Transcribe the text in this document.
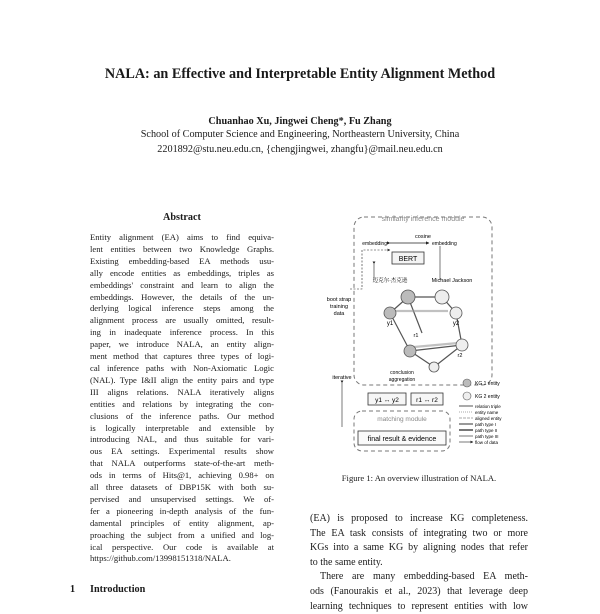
NALA: an Effective and Interpretable Entity Alignment Method
Chuanhao Xu, Jingwei Cheng*, Fu Zhang
School of Computer Science and Engineering, Northeastern University, China
2201892@stu.neu.edu.cn, {chengjingwei, zhangfu}@mail.neu.edu.cn
Abstract
Entity alignment (EA) aims to find equiva-
lent entities between two Knowledge Graphs.
Existing embedding-based EA methods usu-
ally encode entities as embeddings, triples as
embeddings' constraint and learn to align the
embeddings. However, the details of the un-
derlying logical inference steps among the
alignment process are usually omitted, result-
ing in inadequate inference process. In this
paper, we introduce NALA, an entity align-
ment method that captures three types of logi-
cal inference paths with Non-Axiomatic Logic
(NAL). Type I&II align the entity pairs and type
III aligns relations. NALA iteratively aligns
entities and relations by integrating the con-
clusions of the inference paths. Our method
is logically interpretable and extensible by
introducing NAL, and thus suitable for vari-
ous EA settings. Experimental results show
that NALA outperforms state-of-the-art meth-
ods in terms of Hits@1, achieving 0.98+ on
all three datasets of DBP15K with both su-
pervised and unsupervised settings. We of-
fer a pioneering in-depth analysis of the fun-
damental principles of entity alignment, ap-
proaching the subject from a unified and log-
ical perspective. Our code is available at
https://github.com/13998151318/NALA.
1 Introduction
similarity inference module
cosine
embedding	embedding
BERT
boot strap
training
data
迈克尔·杰克逊	Michael Jackson
y1	y2
r1
r2
iterative
conclusion
aggregation
y1 ↔ y2	r1 ↔ r2
matching module
final result & evidence
KG 1 entity
KG 2 entity
relation triple
entity name
aligned entity
path type I
path type II
path type III
flow of data
Figure 1: An overview illustration of NALA.
(EA) is proposed to increase KG completeness.
The EA task consists of integrating two or more
KGs into a same KG by aligning nodes that refer
to the same entity.
There are many embedding-based EA meth-
ods (Fanourakis et al., 2023) that leverage deep
learning techniques to represent entities with low
